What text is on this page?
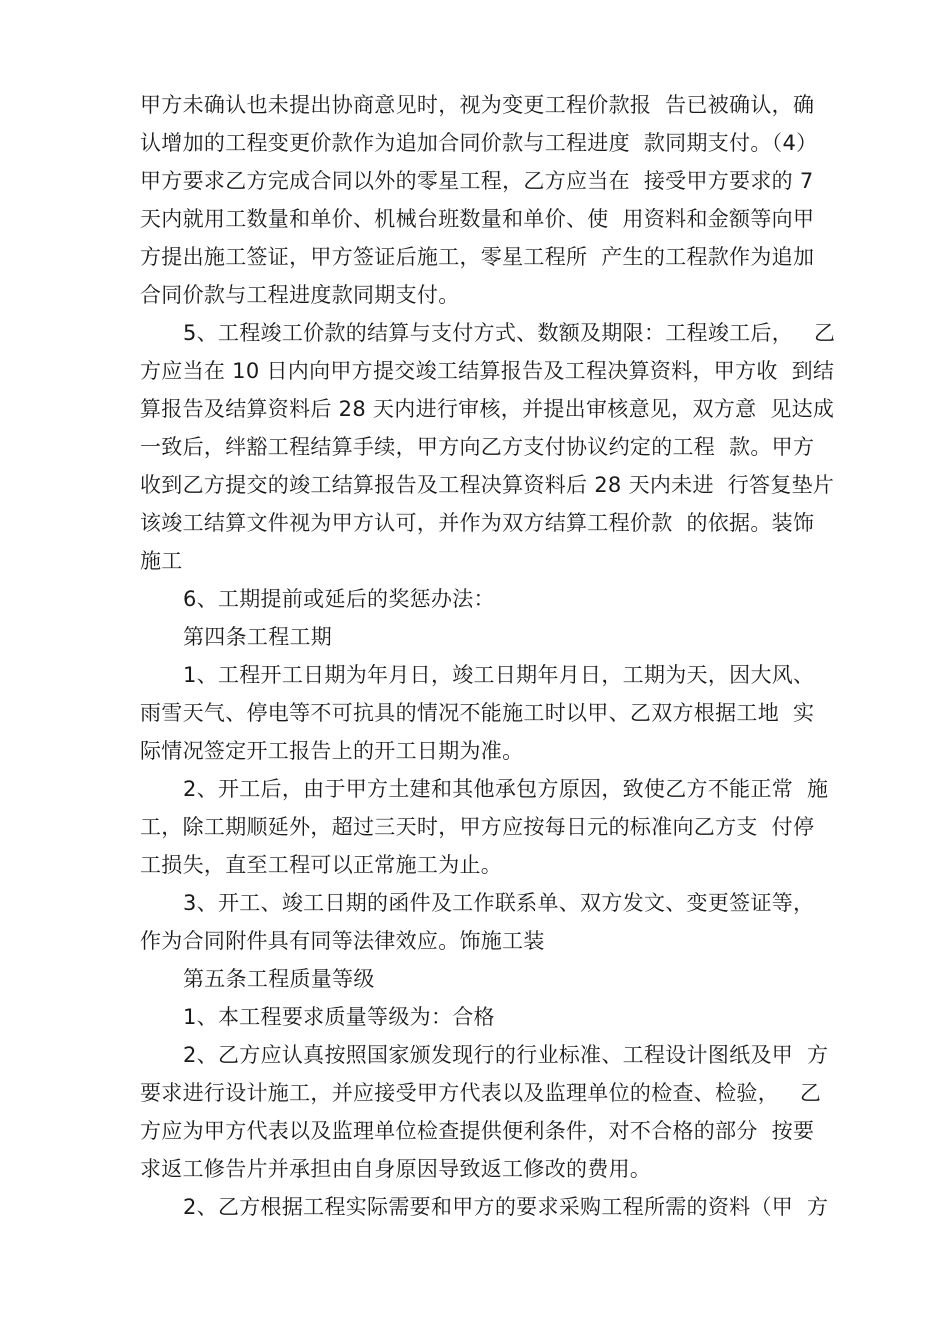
甲方未确认也未提出协商意见时，视为变更工程价款报  告已被确认，确
认增加的工程变更价款作为追加合同价款与工程进度  款同期支付。（4）
甲方要求乙方完成合同以外的零星工程，乙方应当在  接受甲方要求的 7
天内就用工数量和单价、机械台班数量和单价、使  用资料和金额等向甲
方提出施工签证，甲方签证后施工，零星工程所  产生的工程款作为追加
合同价款与工程进度款同期支付。
5、工程竣工价款的结算与支付方式、数额及期限：工程竣工后，   乙
方应当在 10 日内向甲方提交竣工结算报告及工程决算资料，甲方收  到结
算报告及结算资料后 28 天内进行审核，并提出审核意见，双方意  见达成
一致后，绊豁工程结算手续，甲方向乙方支付协议约定的工程  款。甲方
收到乙方提交的竣工结算报告及工程决算资料后 28 天内未进  行答复垫片
该竣工结算文件视为甲方认可，并作为双方结算工程价款  的依据。装饰
施工
6、工期提前或延后的奖惩办法：
第四条工程工期
1、工程开工日期为年月日，竣工日期年月日，工期为天，因大风、
雨雪天气、停电等不可抗具的情况不能施工时以甲、乙双方根据工地  实
际情况签定开工报告上的开工日期为准。
2、开工后，由于甲方土建和其他承包方原因，致使乙方不能正常  施
工，除工期顺延外，超过三天时，甲方应按每日元的标准向乙方支  付停
工损失，直至工程可以正常施工为止。
3、开工、竣工日期的函件及工作联系单、双方发文、变更签证等，
作为合同附件具有同等法律效应。饰施工装
第五条工程质量等级
1、本工程要求质量等级为：合格
2、乙方应认真按照国家颁发现行的行业标准、工程设计图纸及甲  方
要求进行设计施工，并应接受甲方代表以及监理单位的检查、检验，   乙
方应为甲方代表以及监理单位检查提供便利条件，对不合格的部分  按要
求返工修告片并承担由自身原因导致返工修改的费用。
2、乙方根据工程实际需要和甲方的要求采购工程所需的资料（甲  方
